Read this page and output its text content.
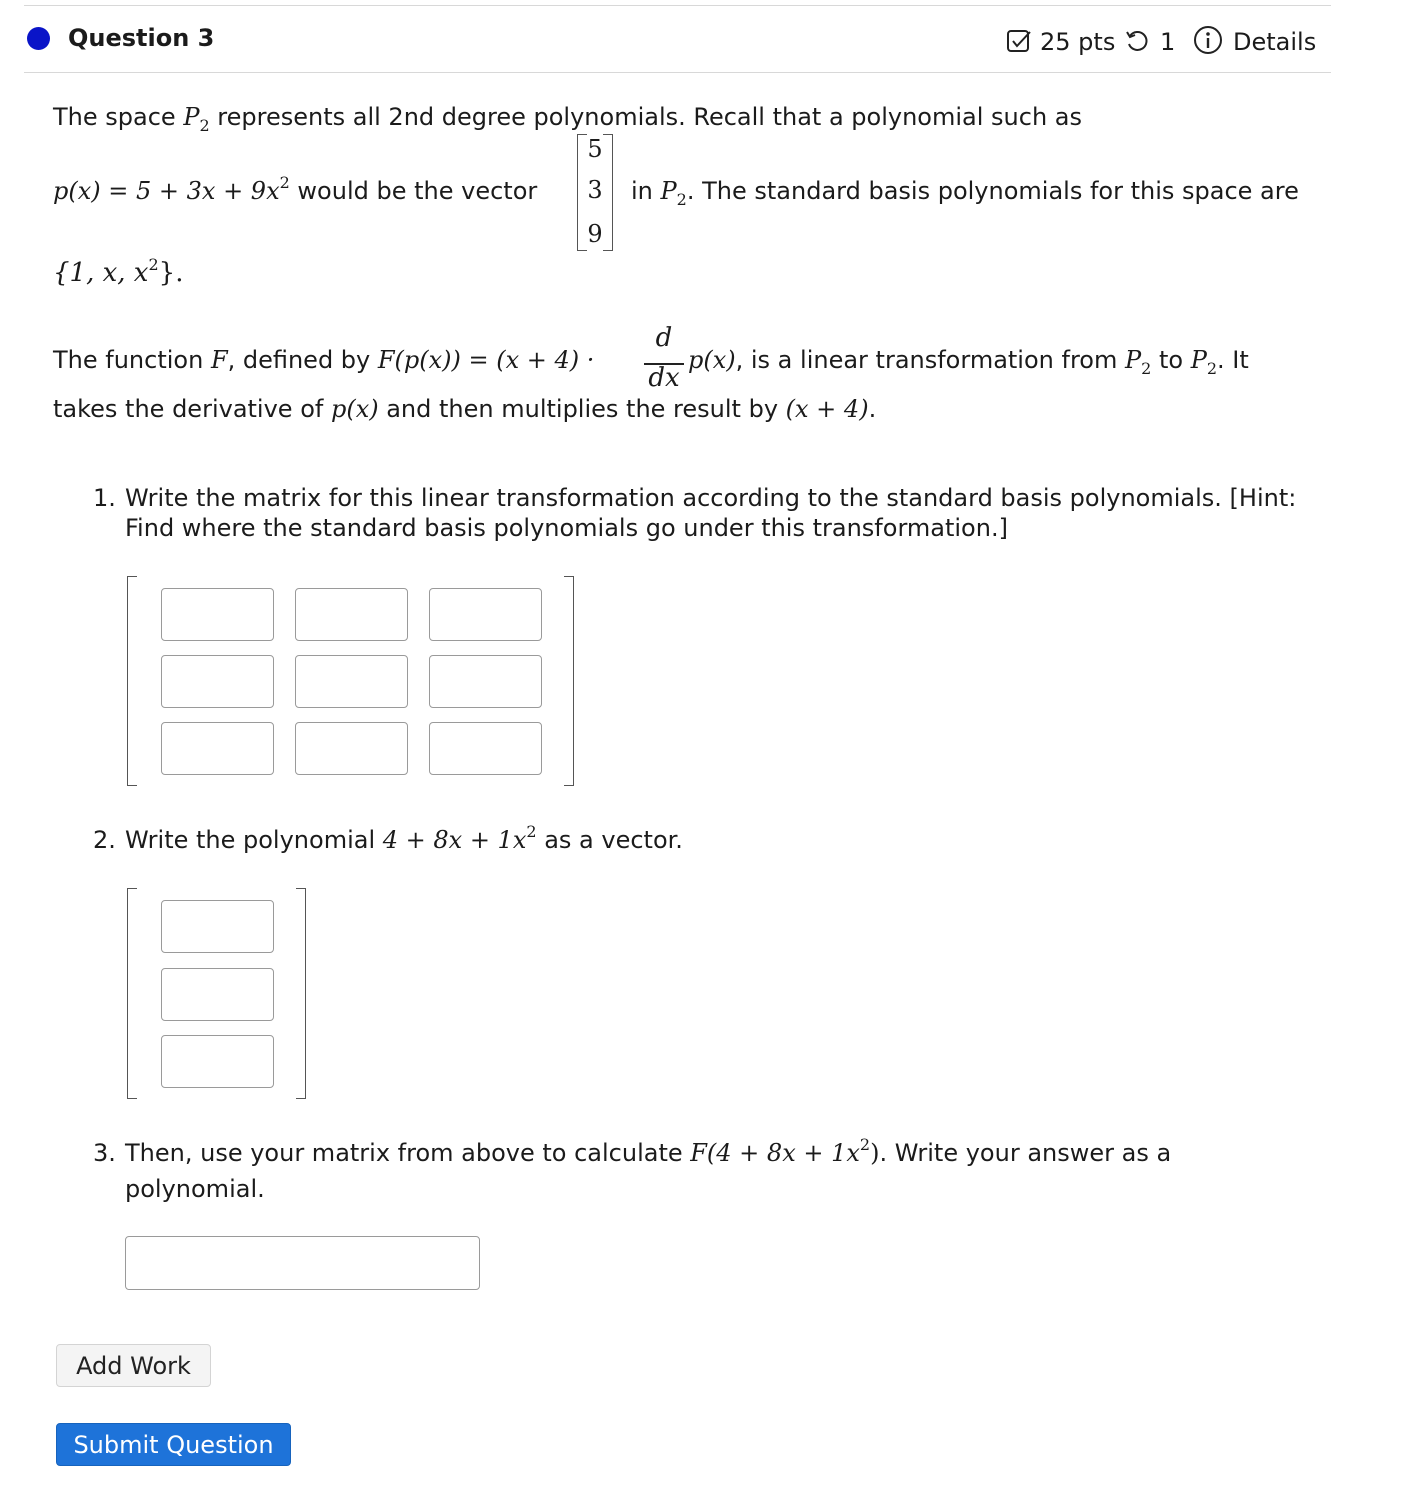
Question 3	25 pts 1 Details
The space $P_2$ represents all 2nd degree polynomials. Recall that a polynomial such as
$p(x) = 5 + 3x + 9x^2$ would be the vector
5
3
9
in $P_2$. The standard basis polynomials for this space are
{1, x, $x^2$}.
The function F, defined by F(p(x)) = (x + 4) ·
d
dx
p(x), is a linear transformation from $P_2$ to $P_2$. It
takes the derivative of p(x) and then multiplies the result by (x + 4).
1. Write the matrix for this linear transformation according to the standard basis polynomials. [Hint:
Find where the standard basis polynomials go under this transformation.]
2. Write the polynomial $4 + 8x + 1x^2$ as a vector.
3. Then, use your matrix from above to calculate $F(4 + 8x + 1x^2)$. Write your answer as a
polynomial.
Add Work
Submit Question
